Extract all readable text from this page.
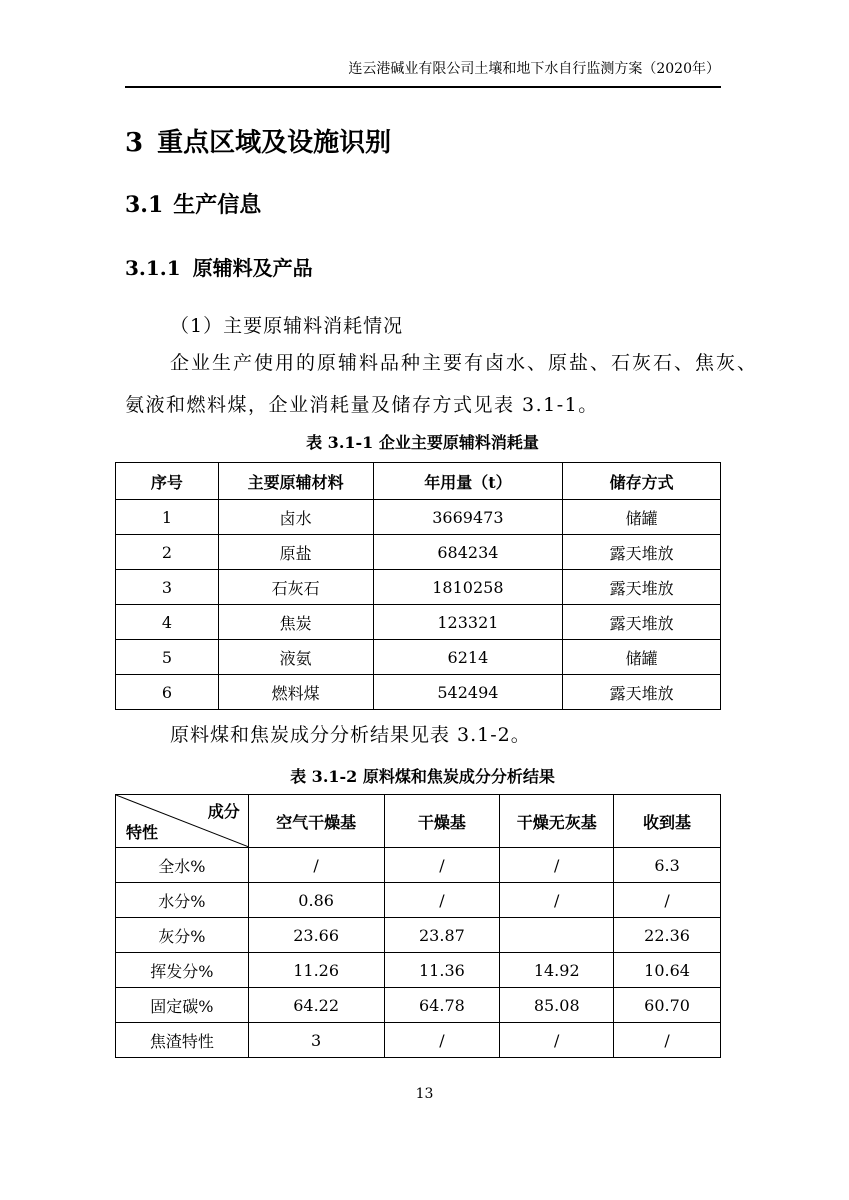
连云港碱业有限公司土壤和地下水自行监测方案（2020年）
3 重点区域及设施识别
3.1 生产信息
3.1.1 原辅料及产品
（1）主要原辅料消耗情况
企业生产使用的原辅料品种主要有卤水、原盐、石灰石、焦灰、
氨液和燃料煤，企业消耗量及储存方式见表 3.1-1。
表 3.1-1 企业主要原辅料消耗量
序号	主要原辅材料	年用量（t）	储存方式
1	卤水	3669473	储罐
2	原盐	684234	露天堆放
3	石灰石	1810258	露天堆放
4	焦炭	123321	露天堆放
5	液氨	6214	储罐
6	燃料煤	542494	露天堆放
原料煤和焦炭成分分析结果见表 3.1-2。
表 3.1-2 原料煤和焦炭成分分析结果
成分
特性	空气干燥基	干燥基	干燥无灰基	收到基
全水%	/	/	/	6.3
水分%	0.86	/	/	/
灰分%	23.66	23.87		22.36
挥发分%	11.26	11.36	14.92	10.64
固定碳%	64.22	64.78	85.08	60.70
焦渣特性	3	/	/	/
13
